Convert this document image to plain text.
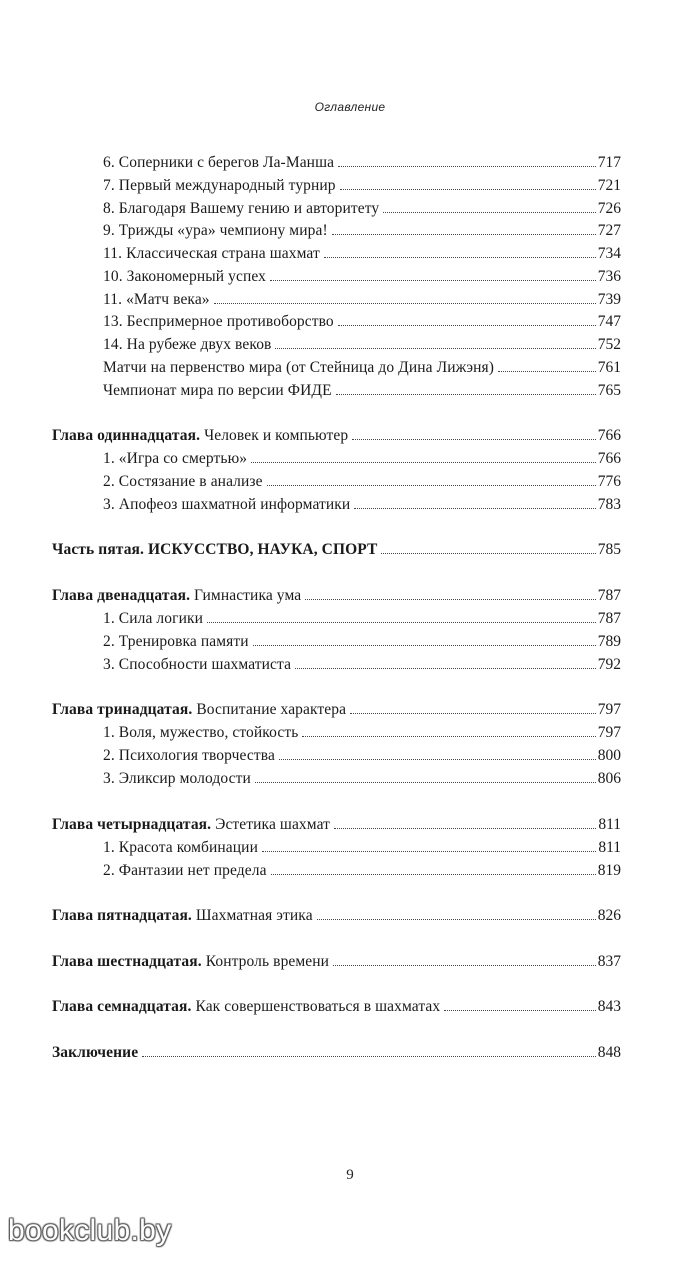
Оглавление
6. Соперники с берегов Ла-Манша	717
7. Первый международный турнир	721
8. Благодаря Вашему гению и авторитету	726
9. Трижды «ура» чемпиону мира!	727
11. Классическая страна шахмат	734
10. Закономерный успех	736
11. «Матч века»	739
13. Беспримерное противоборство	747
14. На рубеже двух веков	752
Матчи на первенство мира (от Стейница до Дина Лижэня)	761
Чемпионат мира по версии ФИДЕ	765
Глава одиннадцатая. Человек и компьютер	766
1. «Игра со смертью»	766
2. Состязание в анализе	776
3. Апофеоз шахматной информатики	783
Часть пятая. ИСКУССТВО, НАУКА, СПОРТ	785
Глава двенадцатая. Гимнастика ума	787
1. Сила логики	787
2. Тренировка памяти	789
3. Способности шахматиста	792
Глава тринадцатая. Воспитание характера	797
1. Воля, мужество, стойкость	797
2. Психология творчества	800
3. Эликсир молодости	806
Глава четырнадцатая. Эстетика шахмат	811
1. Красота комбинации	811
2. Фантазии нет предела	819
Глава пятнадцатая. Шахматная этика	826
Глава шестнадцатая. Контроль времени	837
Глава семнадцатая. Как совершенствоваться в шахматах	843
Заключение	848
9
bookclub.by
